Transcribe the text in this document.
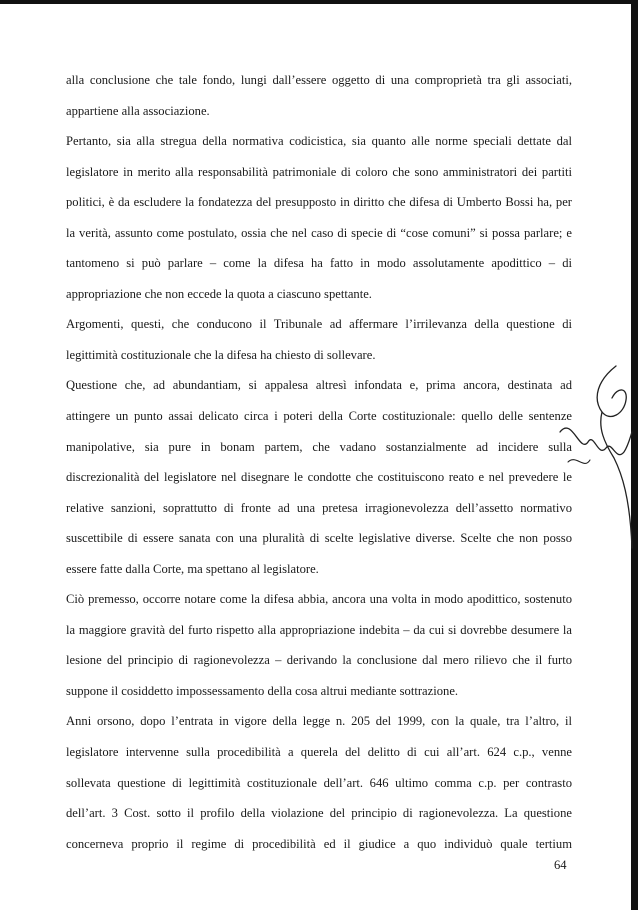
alla conclusione che tale fondo, lungi dall’essere oggetto di una comproprietà tra gli associati,
appartiene alla associazione.
Pertanto, sia alla stregua della normativa codicistica, sia quanto alle norme speciali dettate dal
legislatore in merito alla responsabilità patrimoniale di coloro che sono amministratori dei partiti
politici, è da escludere la fondatezza del presupposto in diritto che difesa di Umberto Bossi ha, per
la verità, assunto come postulato, ossia che nel caso di specie di “cose comuni” si possa parlare; e
tantomeno si può parlare – come la difesa ha fatto in modo assolutamente apodittico – di
appropriazione che non eccede la quota a ciascuno spettante.
Argomenti, questi, che conducono il Tribunale ad affermare l’irrilevanza della questione di
legittimità costituzionale che la difesa ha chiesto di sollevare.
Questione che, ad abundantiam, si appalesa altresì infondata e, prima ancora, destinata ad
attingere un punto assai delicato circa i poteri della Corte costituzionale: quello delle sentenze
manipolative, sia pure in bonam partem, che vadano sostanzialmente ad incidere sulla
discrezionalità del legislatore nel disegnare le condotte che costituiscono reato e nel prevedere le
relative sanzioni, soprattutto di fronte ad una pretesa irragionevolezza dell’assetto normativo
suscettibile di essere sanata con una pluralità di scelte legislative diverse. Scelte che non posso
essere fatte dalla Corte, ma spettano al legislatore.
Ciò premesso, occorre notare come la difesa abbia, ancora una volta in modo apodittico, sostenuto
la maggiore gravità del furto rispetto alla appropriazione indebita – da cui si dovrebbe desumere la
lesione del principio di ragionevolezza – derivando la conclusione dal mero rilievo che il furto
suppone il cosiddetto impossessamento della cosa altrui mediante sottrazione.
Anni orsono, dopo l’entrata in vigore della legge n. 205 del 1999, con la quale, tra l’altro, il
legislatore intervenne sulla procedibilità a querela del delitto di cui all’art. 624 c.p., venne
sollevata questione di legittimità costituzionale dell’art. 646 ultimo comma c.p. per contrasto
dell’art. 3 Cost. sotto il profilo della violazione del principio di ragionevolezza. La questione
concerneva proprio il regime di procedibilità ed il giudice a quo individuò quale tertium
64
